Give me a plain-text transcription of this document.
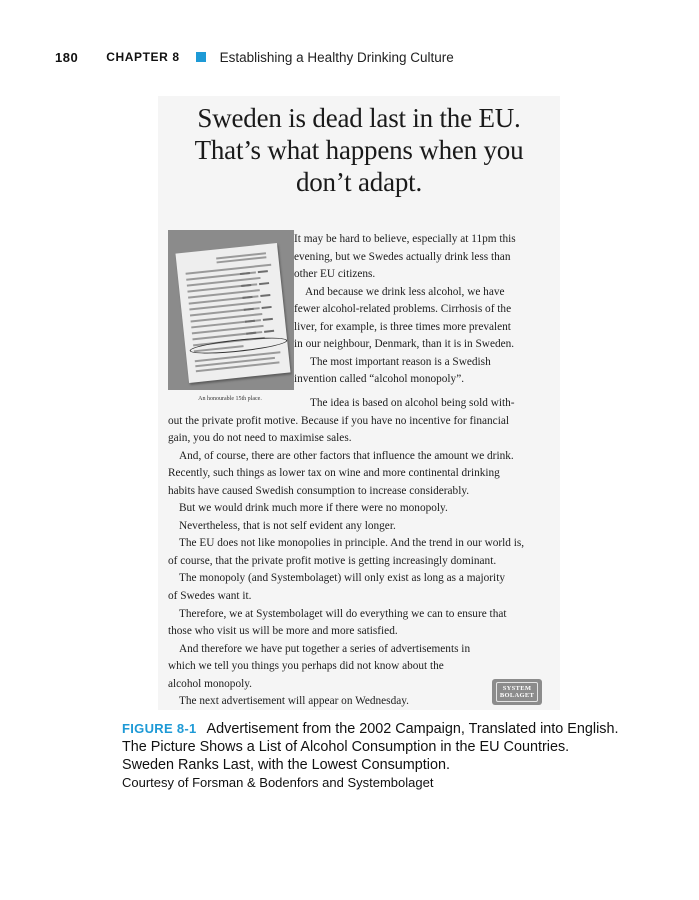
180 CHAPTER 8	Establishing a Healthy Drinking Culture
Sweden is dead last in the EU.
That’s what happens when you
don’t adapt.
An honourable 15th place.
It may be hard to believe, especially at 11pm this
evening, but we Swedes actually drink less than
other EU citizens.
And because we drink less alcohol, we have
fewer alcohol-related problems. Cirrhosis of the
liver, for example, is three times more prevalent
in our neighbour, Denmark, than it is in Sweden.
The most important reason is a Swedish
invention called “alcohol monopoly”.
The idea is based on alcohol being sold with-
out the private profit motive. Because if you have no incentive for financial
gain, you do not need to maximise sales.
And, of course, there are other factors that influence the amount we drink.
Recently, such things as lower tax on wine and more continental drinking
habits have caused Swedish consumption to increase considerably.
But we would drink much more if there were no monopoly.
Nevertheless, that is not self evident any longer.
The EU does not like monopolies in principle. And the trend in our world is,
of course, that the private profit motive is getting increasingly dominant.
The monopoly (and Systembolaget) will only exist as long as a majority
of Swedes want it.
Therefore, we at Systembolaget will do everything we can to ensure that
those who visit us will be more and more satisfied.
And therefore we have put together a series of advertisements in
which we tell you things you perhaps did not know about the
alcohol monopoly.
The next advertisement will appear on Wednesday.
SYSTEM
BOLAGET
FIGURE 8-1 Advertisement from the 2002 Campaign, Translated into English.
The Picture Shows a List of Alcohol Consumption in the EU Countries.
Sweden Ranks Last, with the Lowest Consumption.
Courtesy of Forsman & Bodenfors and Systembolaget
